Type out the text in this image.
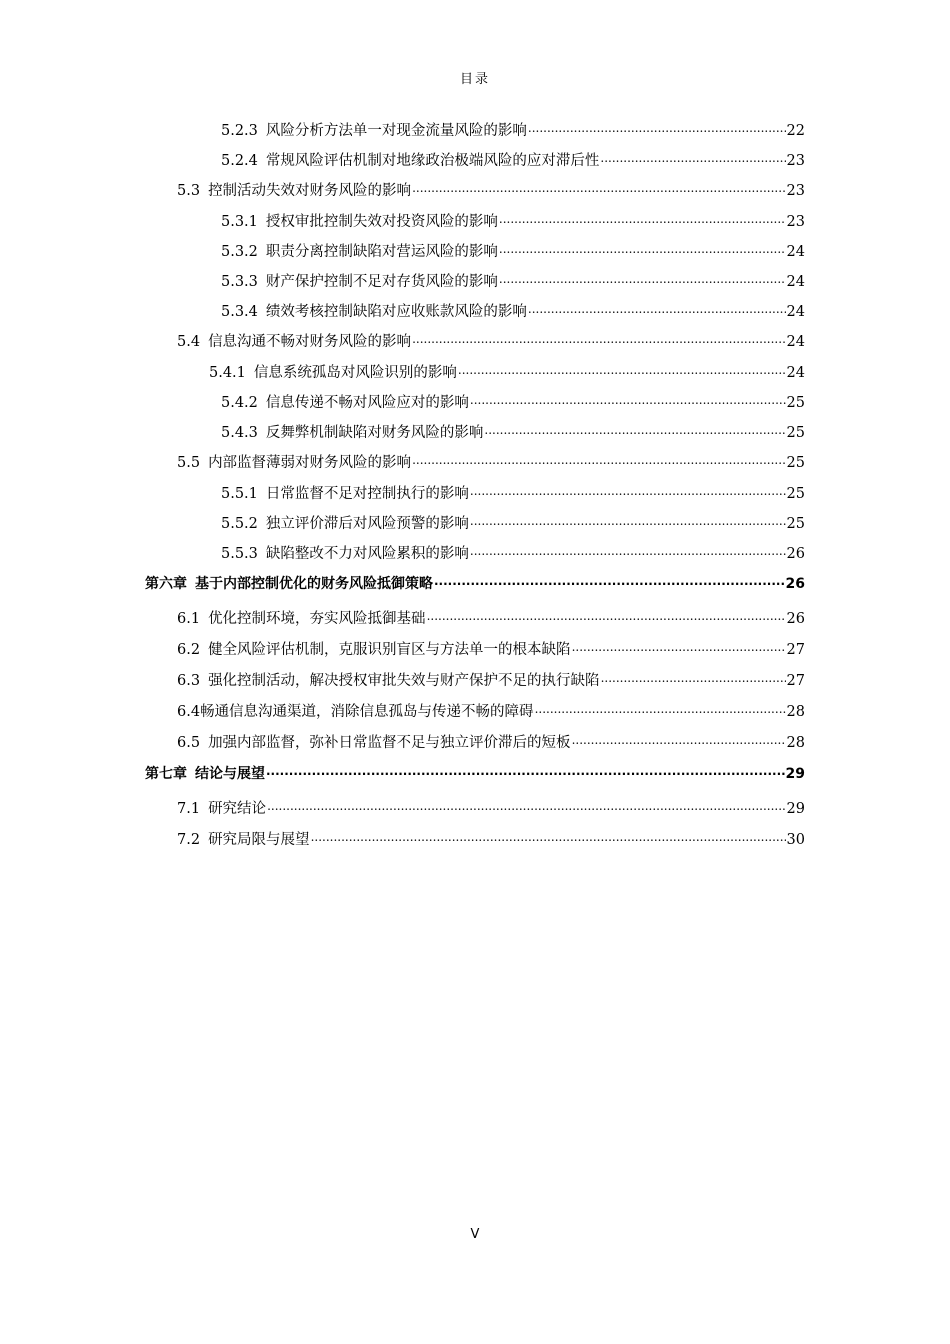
目录
5.2.3 风险分析方法单一对现金流量风险的影响 .....	22
5.2.4 常规风险评估机制对地缘政治极端风险的应对滞后性 .....	23
5.3 控制活动失效对财务风险的影响 .....	23
5.3.1 授权审批控制失效对投资风险的影响 .....	23
5.3.2 职责分离控制缺陷对营运风险的影响 .....	24
5.3.3 财产保护控制不足对存货风险的影响 .....	24
5.3.4 绩效考核控制缺陷对应收账款风险的影响 .....	24
5.4 信息沟通不畅对财务风险的影响 .....	24
5.4.1 信息系统孤岛对风险识别的影响 .....	24
5.4.2 信息传递不畅对风险应对的影响 .....	25
5.4.3 反舞弊机制缺陷对财务风险的影响 .....	25
5.5 内部监督薄弱对财务风险的影响 .....	25
5.5.1 日常监督不足对控制执行的影响 .....	25
5.5.2 独立评价滞后对风险预警的影响 .....	25
5.5.3 缺陷整改不力对风险累积的影响 .....	26
第六章 基于内部控制优化的财务风险抵御策略 .....	26
6.1 优化控制环境，夯实风险抵御基础 .....	26
6.2 健全风险评估机制，克服识别盲区与方法单一的根本缺陷 .....	27
6.3 强化控制活动，解决授权审批失效与财产保护不足的执行缺陷 .....	27
6.4 畅通信息沟通渠道，消除信息孤岛与传递不畅的障碍 .....	28
6.5 加强内部监督，弥补日常监督不足与独立评价滞后的短板 .....	28
第七章 结论与展望 .....	29
7.1 研究结论 .....	29
7.2 研究局限与展望 .....	30
V
